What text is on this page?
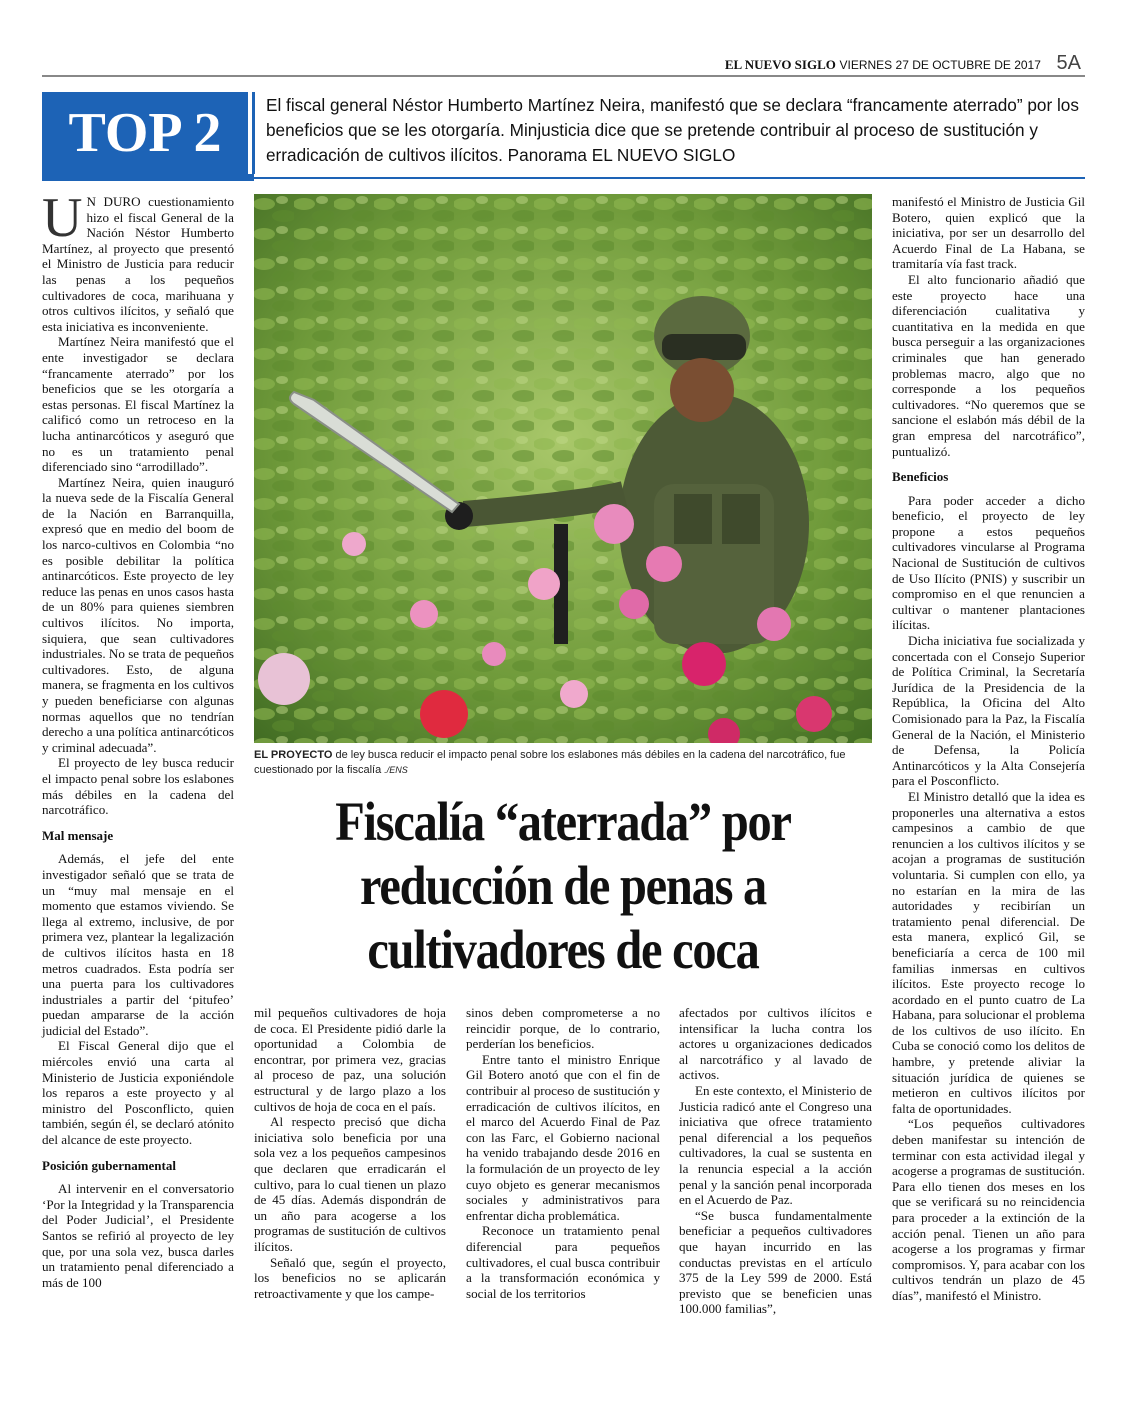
EL NUEVO SIGLO VIERNES 27 DE OCTUBRE DE 2017 5A
TOP 2	El fiscal general Néstor Humberto Martínez Neira, manifestó que se declara “francamente aterrado” por los beneficios que se les otorgaría. Minjusticia dice que se pretende contribuir al proceso de sustitución y erradicación de cultivos ilícitos. Panorama EL NUEVO SIGLO

U N DURO cuestionamiento hizo el fiscal General de la Nación Néstor Humberto Martínez, al proyecto que presentó el Ministro de Justicia para reducir las penas a los pequeños cultivadores de coca, marihuana y otros cultivos ilícitos, y señaló que esta iniciativa es inconveniente.

Martínez Neira manifestó que el ente investigador se declara “francamente aterrado” por los beneficios que se les otorgaría a estas personas. El fiscal Martínez la calificó como un retroceso en la lucha antinarcóticos y aseguró que no es un tratamiento penal diferenciado sino “arrodillado”.

Martínez Neira, quien inauguró la nueva sede de la Fiscalía General de la Nación en Barranquilla, expresó que en medio del boom de los narco-cultivos en Colombia “no es posible debilitar la política antinarcóticos. Este proyecto de ley reduce las penas en unos casos hasta de un 80% para quienes siembren cultivos ilícitos. No importa, siquiera, que sean cultivadores industriales. No se trata de pequeños cultivadores. Esto, de alguna manera, se fragmenta en los cultivos y pueden beneficiarse con algunas normas aquellos que no tendrían derecho a una política antinarcóticos y criminal adecuada”.

El proyecto de ley busca reducir el impacto penal sobre los eslabones más débiles en la cadena del narcotráfico.

Mal mensaje

Además, el jefe del ente investigador señaló que se trata de un “muy mal mensaje en el momento que estamos viviendo. Se llega al extremo, inclusive, de por primera vez, plantear la legalización de cultivos ilícitos hasta en 18 metros cuadrados. Esta podría ser una puerta para los cultivadores industriales a partir del ‘pitufeo’ puedan ampararse de la acción judicial del Estado”.

El Fiscal General dijo que el miércoles envió una carta al Ministerio de Justicia exponiéndole los reparos a este proyecto y al ministro del Posconflicto, quien también, según él, se declaró atónito del alcance de este proyecto.

Posición gubernamental

Al intervenir en el conversatorio ‘Por la Integridad y la Transparencia del Poder Judicial’, el Presidente Santos se refirió al proyecto de ley que, por una sola vez, busca darles un tratamiento penal diferenciado a más de 100

EL PROYECTO de ley busca reducir el impacto penal sobre los eslabones más débiles en la cadena del narcotráfico, fue cuestionado por la fiscalía ./ENS
Fiscalía “aterrada” por reducción de penas a cultivadores de coca

mil pequeños cultivadores de hoja de coca. El Presidente pidió darle la oportunidad a Colombia de encontrar, por primera vez, gracias al proceso de paz, una solución estructural y de largo plazo a los cultivos de hoja de coca en el país.

Al respecto precisó que dicha iniciativa solo beneficia por una sola vez a los pequeños campesinos que declaren que erradicarán el cultivo, para lo cual tienen un plazo de 45 días. Además dispondrán de un año para acogerse a los programas de sustitución de cultivos ilícitos.

Señaló que, según el proyecto, los beneficios no se aplicarán retroactivamente y que los campe-

sinos deben comprometerse a no reincidir porque, de lo contrario, perderían los beneficios.

Entre tanto el ministro Enrique Gil Botero anotó que con el fin de contribuir al proceso de sustitución y erradicación de cultivos ilícitos, en el marco del Acuerdo Final de Paz con las Farc, el Gobierno nacional ha venido trabajando desde 2016 en la formulación de un proyecto de ley cuyo objeto es generar mecanismos sociales y administrativos para enfrentar dicha problemática.

Reconoce un tratamiento penal diferencial para pequeños cultivadores, el cual busca contribuir a la transformación económica y social de los territorios

afectados por cultivos ilícitos e intensificar la lucha contra los actores u organizaciones dedicados al narcotráfico y al lavado de activos.

En este contexto, el Ministerio de Justicia radicó ante el Congreso una iniciativa que ofrece tratamiento penal diferencial a los pequeños cultivadores, la cual se sustenta en la renuncia especial a la acción penal y la sanción penal incorporada en el Acuerdo de Paz.

“Se busca fundamentalmente beneficiar a pequeños cultivadores que hayan incurrido en las conductas previstas en el artículo 375 de la Ley 599 de 2000. Está previsto que se beneficien unas 100.000 familias”,

manifestó el Ministro de Justicia Gil Botero, quien explicó que la iniciativa, por ser un desarrollo del Acuerdo Final de La Habana, se tramitaría vía fast track.

El alto funcionario añadió que este proyecto hace una diferenciación cualitativa y cuantitativa en la medida en que busca perseguir a las organizaciones criminales que han generado problemas macro, algo que no corresponde a los pequeños cultivadores. “No queremos que se sancione el eslabón más débil de la gran empresa del narcotráfico”, puntualizó.

Beneficios

Para poder acceder a dicho beneficio, el proyecto de ley propone a estos pequeños cultivadores vincularse al Programa Nacional de Sustitución de cultivos de Uso Ilícito (PNIS) y suscribir un compromiso en el que renuncien a cultivar o mantener plantaciones ilícitas.

Dicha iniciativa fue socializada y concertada con el Consejo Superior de Política Criminal, la Secretaría Jurídica de la Presidencia de la República, la Oficina del Alto Comisionado para la Paz, la Fiscalía General de la Nación, el Ministerio de Defensa, la Policía Antinarcóticos y la Alta Consejería para el Posconflicto.

El Ministro detalló que la idea es proponerles una alternativa a estos campesinos a cambio de que renuncien a los cultivos ilícitos y se acojan a programas de sustitución voluntaria. Si cumplen con ello, ya no estarían en la mira de las autoridades y recibirían un tratamiento penal diferencial. De esta manera, explicó Gil, se beneficiaría a cerca de 100 mil familias inmersas en cultivos ilícitos. Este proyecto recoge lo acordado en el punto cuatro de La Habana, para solucionar el problema de los cultivos de uso ilícito. En Cuba se conoció como los delitos de hambre, y pretende aliviar la situación jurídica de quienes se metieron en cultivos ilícitos por falta de oportunidades.

“Los pequeños cultivadores deben manifestar su intención de terminar con esta actividad ilegal y acogerse a programas de sustitución. Para ello tienen dos meses en los que se verificará su no reincidencia para proceder a la extinción de la acción penal. Tienen un año para acogerse a los programas y firmar compromisos. Y, para acabar con los cultivos tendrán un plazo de 45 días”, manifestó el Ministro.
